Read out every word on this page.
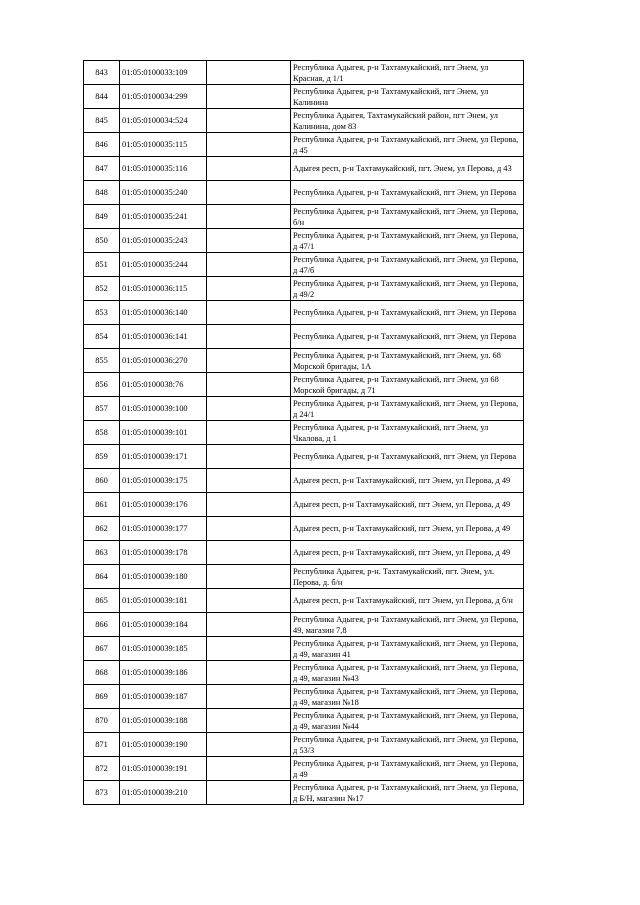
843	01:05:0100033:109		Республика Адыгея, р-н Тахтамукайский, пгт Энем, ул Красная, д 1/1
844	01:05:0100034:299		Республика Адыгея, р-н Тахтамукайский, пгт Энем, ул Калинина
845	01:05:0100034:524		Республика Адыгея, Тахтамукайский район, пгт Энем, ул Калинина, дом 83
846	01:05:0100035:115		Республика Адыгея, р-н Тахтамукайский, пгт Энем, ул Перова, д 45
847	01:05:0100035:116		Адыгея респ, р-н Тахтамукайский, пгт. Энем, ул Перова, д 43
848	01:05:0100035:240		Республика Адыгея, р-н Тахтамукайский, пгт Энем, ул Перова
849	01:05:0100035:241		Республика Адыгея, р-н Тахтамукайский, пгт Энем, ул Перова, б/н
850	01:05:0100035:243		Республика Адыгея, р-н Тахтамукайский, пгт Энем, ул Перова, д 47/1
851	01:05:0100035:244		Республика Адыгея, р-н Тахтамукайский, пгт Энем, ул Перова, д 47/б
852	01:05:0100036:115		Республика Адыгея, р-н Тахтамукайский, пгт Энем, ул Перова, д 49/2
853	01:05:0100036:140		Республика Адыгея, р-н Тахтамукайский, пгт Энем, ул Перова
854	01:05:0100036:141		Республика Адыгея, р-н Тахтамукайский, пгт Энем, ул Перова
855	01:05:0100036:270		Республика Адыгея, р-н Тахтамукайский, пгт Энем, ул. 68 Морской бригады, 1А
856	01:05:0100038:76		Республика Адыгея, р-н Тахтамукайский, пгт Энем, ул 68 Морской бригады, д 71
857	01:05:0100039:100		Республика Адыгея, р-н Тахтамукайский, пгт Энем, ул Перова, д 24/1
858	01:05:0100039:101		Республика Адыгея, р-н Тахтамукайский, пгт Энем, ул Чкалова, д 1
859	01:05:0100039:171		Республика Адыгея, р-н Тахтамукайский, пгт Энем, ул Перова
860	01:05:0100039:175		Адыгея респ, р-н Тахтамукайский, пгт Энем, ул Перова, д 49
861	01:05:0100039:176		Адыгея респ, р-н Тахтамукайский, пгт Энем, ул Перова, д 49
862	01:05:0100039:177		Адыгея респ, р-н Тахтамукайский, пгт Энем, ул Перова, д 49
863	01:05:0100039:178		Адыгея респ, р-н Тахтамукайский, пгт Энем, ул Перова, д 49
864	01:05:0100039:180		Республика Адыгея, р-н. Тахтамукайский, пгт. Энем, ул. Перова, д. б/н
865	01:05:0100039:181		Адыгея респ, р-н Тахтамукайский, пгт Энем, ул Перова, д б/н
866	01:05:0100039:184		Республика Адыгея, р-н Тахтамукайский, пгт Энем, ул Перова, 49, магазин 7,8
867	01:05:0100039:185		Республика Адыгея, р-н Тахтамукайский, пгт Энем, ул Перова, д 49, магазин 41
868	01:05:0100039:186		Республика Адыгея, р-н Тахтамукайский, пгт Энем, ул Перова, д 49, магазин №43
869	01:05:0100039:187		Республика Адыгея, р-н Тахтамукайский, пгт Энем, ул Перова, д 49, магазин №18
870	01:05:0100039:188		Республика Адыгея, р-н Тахтамукайский, пгт Энем, ул Перова, д 49, магазин №44
871	01:05:0100039:190		Республика Адыгея, р-н Тахтамукайский, пгт Энем, ул Перова, д 53/3
872	01:05:0100039:191		Республика Адыгея, р-н Тахтамукайский, пгт Энем, ул Перова, д 49
873	01:05:0100039:210		Республика Адыгея, р-н Тахтамукайский, пгт Энем, ул Перова, д Б/Н, магазин №17
